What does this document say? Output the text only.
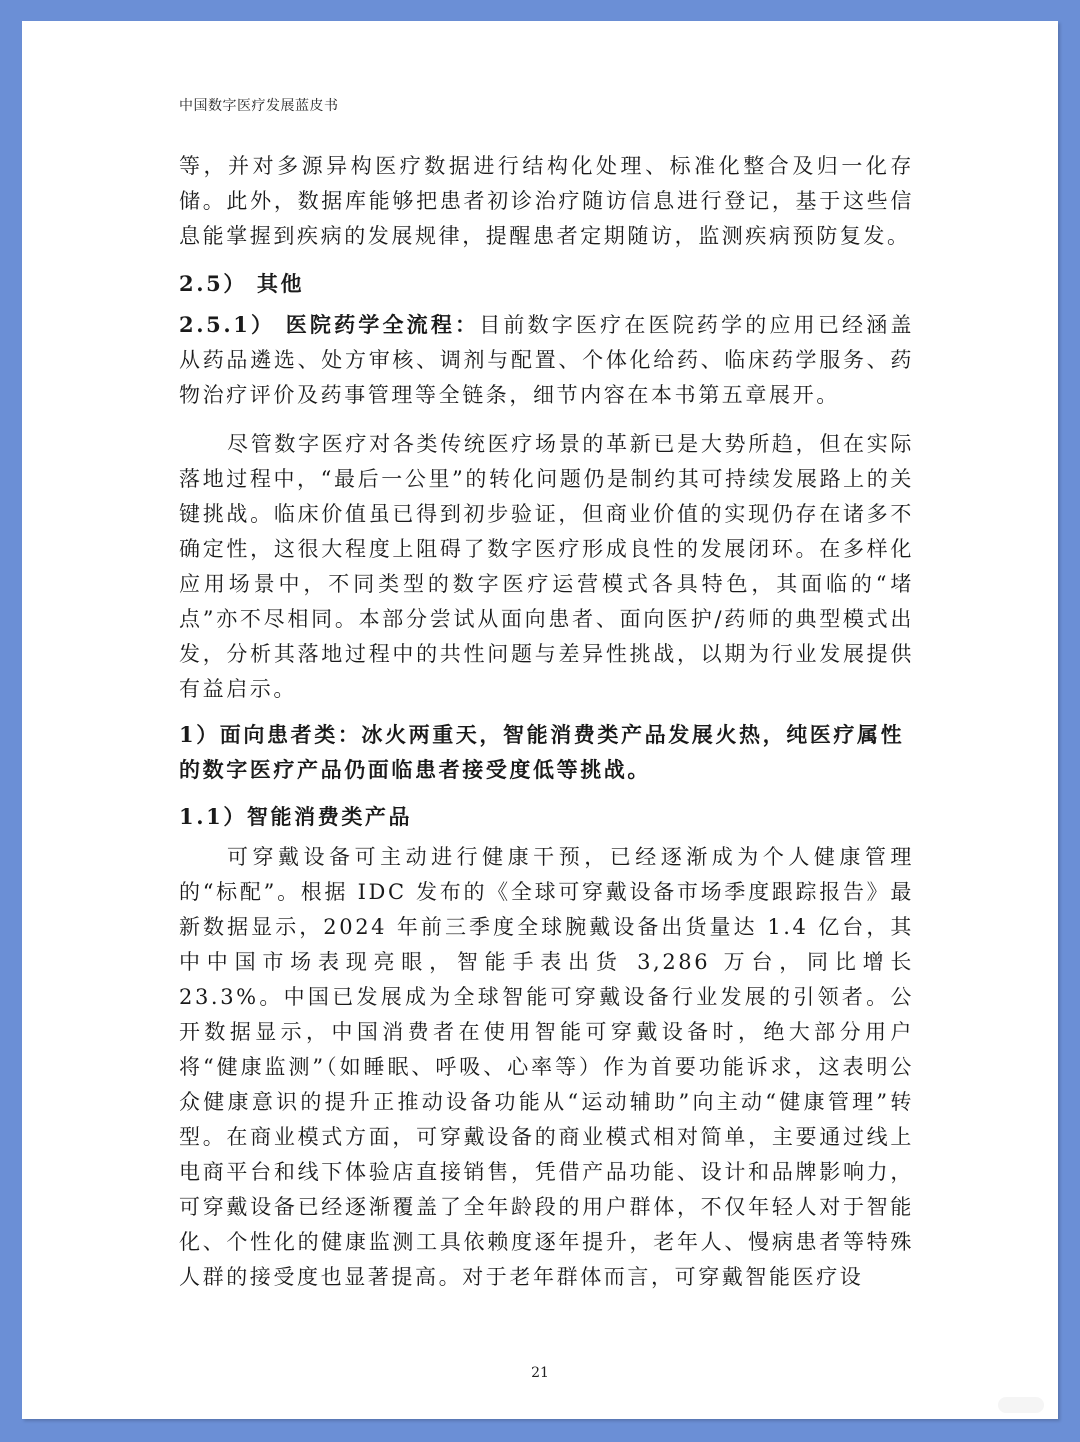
中国数字医疗发展蓝皮书

等，并对多源异构医疗数据进行结构化处理、标准化整合及归一化存储。此外，数据库能够把患者初诊治疗随访信息进行登记，基于这些信息能掌握到疾病的发展规律，提醒患者定期随访，监测疾病预防复发。

2.5） 其他

2.5.1） 医院药学全流程：目前数字医疗在医院药学的应用已经涵盖从药品遴选、处方审核、调剂与配置、个体化给药、临床药学服务、药物治疗评价及药事管理等全链条，细节内容在本书第五章展开。

尽管数字医疗对各类传统医疗场景的革新已是大势所趋，但在实际落地过程中，“最后一公里”的转化问题仍是制约其可持续发展路上的关键挑战。临床价值虽已得到初步验证，但商业价值的实现仍存在诸多不确定性，这很大程度上阻碍了数字医疗形成良性的发展闭环。在多样化应用场景中，不同类型的数字医疗运营模式各具特色，其面临的“堵点”亦不尽相同。本部分尝试从面向患者、面向医护/药师的典型模式出发，分析其落地过程中的共性问题与差异性挑战，以期为行业发展提供有益启示。

1）面向患者类：冰火两重天，智能消费类产品发展火热，纯医疗属性的数字医疗产品仍面临患者接受度低等挑战。
1.1）智能消费类产品

可穿戴设备可主动进行健康干预，已经逐渐成为个人健康管理的“标配”。根据 IDC 发布的《全球可穿戴设备市场季度跟踪报告》最新数据显示，2024 年前三季度全球腕戴设备出货量达 1.4 亿台，其中中国市场表现亮眼，智能手表出货 3,286 万台，同比增长 23.3%。中国已发展成为全球智能可穿戴设备行业发展的引领者。公开数据显示，中国消费者在使用智能可穿戴设备时，绝大部分用户将“健康监测”（如睡眠、呼吸、心率等）作为首要功能诉求，这表明公众健康意识的提升正推动设备功能从“运动辅助”向主动“健康管理”转型。在商业模式方面，可穿戴设备的商业模式相对简单，主要通过线上电商平台和线下体验店直接销售，凭借产品功能、设计和品牌影响力，可穿戴设备已经逐渐覆盖了全年龄段的用户群体，不仅年轻人对于智能化、个性化的健康监测工具依赖度逐年提升，老年人、慢病患者等特殊人群的接受度也显著提高。对于老年群体而言，可穿戴智能医疗设

21
